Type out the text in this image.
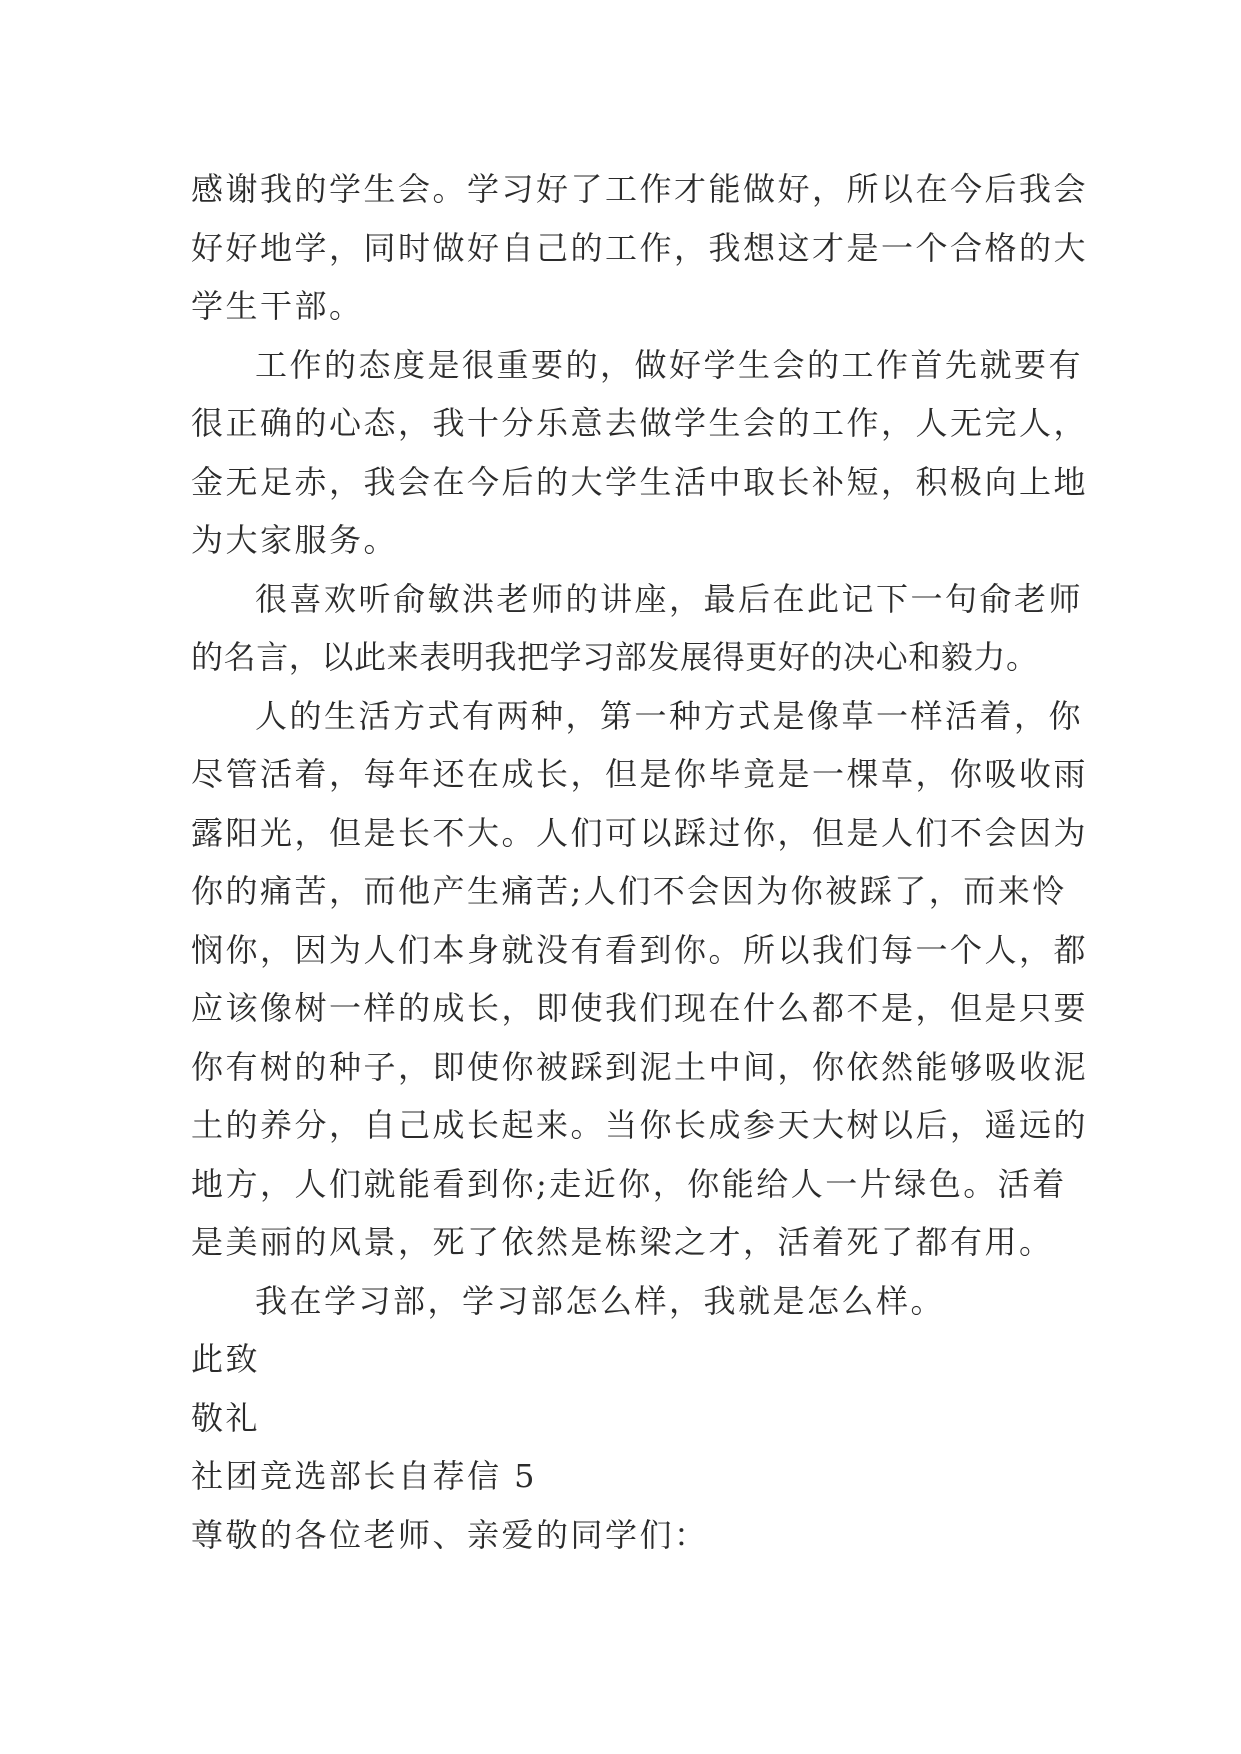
感谢我的学生会。学习好了工作才能做好，所以在今后我会
好好地学，同时做好自己的工作，我想这才是一个合格的大
学生干部。
工作的态度是很重要的，做好学生会的工作首先就要有
很正确的心态，我十分乐意去做学生会的工作，人无完人，
金无足赤，我会在今后的大学生活中取长补短，积极向上地
为大家服务。
很喜欢听俞敏洪老师的讲座，最后在此记下一句俞老师
的名言，以此来表明我把学习部发展得更好的决心和毅力。
人的生活方式有两种，第一种方式是像草一样活着，你
尽管活着，每年还在成长，但是你毕竟是一棵草，你吸收雨
露阳光，但是长不大。人们可以踩过你，但是人们不会因为
你的痛苦，而他产生痛苦;人们不会因为你被踩了，而来怜
悯你，因为人们本身就没有看到你。所以我们每一个人，都
应该像树一样的成长，即使我们现在什么都不是，但是只要
你有树的种子，即使你被踩到泥土中间，你依然能够吸收泥
土的养分，自己成长起来。当你长成参天大树以后，遥远的
地方，人们就能看到你;走近你，你能给人一片绿色。活着
是美丽的风景，死了依然是栋梁之才，活着死了都有用。
我在学习部，学习部怎么样，我就是怎么样。
此致
敬礼
社团竞选部长自荐信 5
尊敬的各位老师、亲爱的同学们：
